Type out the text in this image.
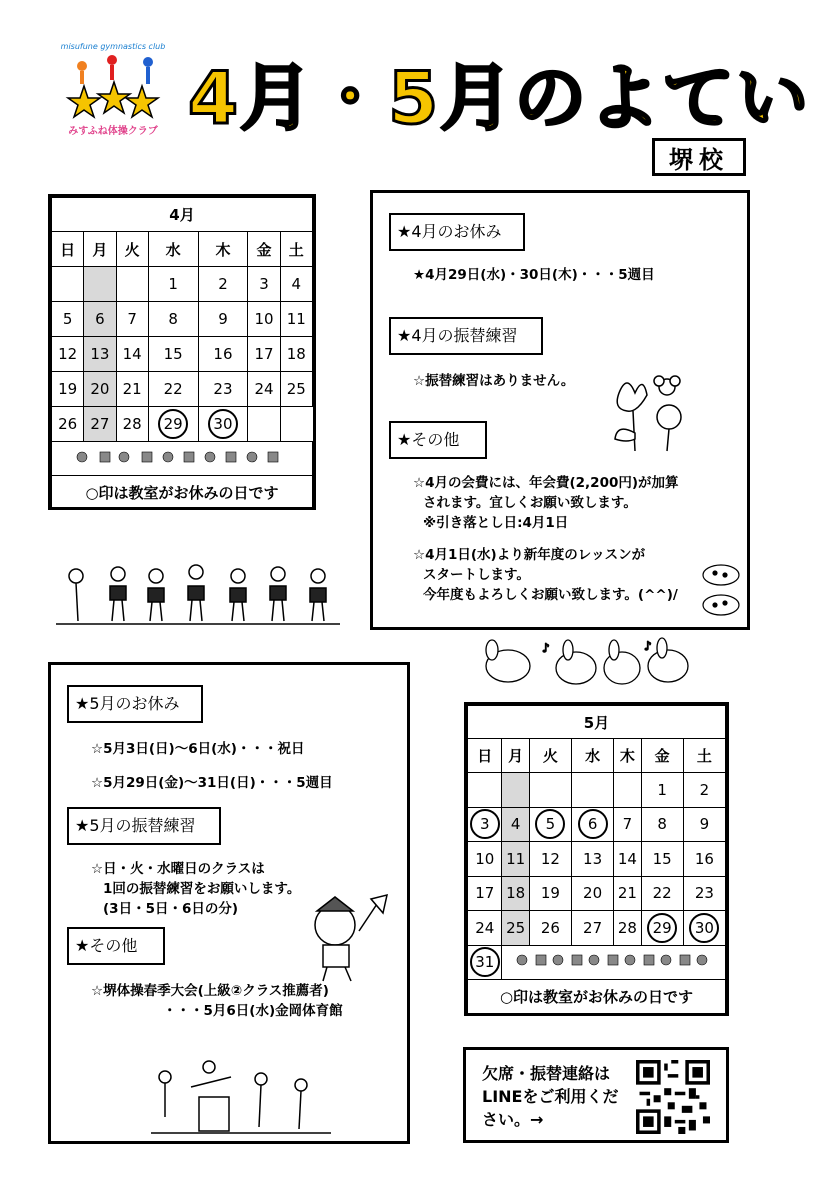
misufune gymnastics club
みすふね体操クラブ 4月・5月のよてい
堺校
4月						
日	月	火	水	木	金	土
			1	2	3	4
5	6	7	8	9	10	11
12	13	14	15	16	17	18
19	20	21	22	23	24	25
26	27	28	29	30		

○印は教室がお休みの日です						
★4月のお休み
★4月29日(水)・30日(木)・・・5週目
★4月の振替練習
☆振替練習はありません。
★その他
☆4月の会費には、年会費(2,200円)が加算
されます。宜しくお願い致します。
※引き落とし日:4月1日
☆4月1日(水)より新年度のレッスンが
スタートします。
今年度もよろしくお願い致します。(^^)/
★5月のお休み
☆5月3日(日)～6日(水)・・・祝日
☆5月29日(金)～31日(日)・・・5週目
★5月の振替練習
☆日・火・水曜日のクラスは
1回の振替練習をお願いします。
(3日・5日・6日の分)
★その他
☆堺体操春季大会(上級②クラス推薦者)
・・・5月6日(水)金岡体育館
♪	♪
5月						
日	月	火	水	木	金	土
					1	2
3	4	5	6	7	8	9
10	11	12	13	14	15	16
17	18	19	20	21	22	23
24	25	26	27	28	29	30
31	
○印は教室がお休みの日です						
欠席・振替連絡は LINEをご利用ください。→
